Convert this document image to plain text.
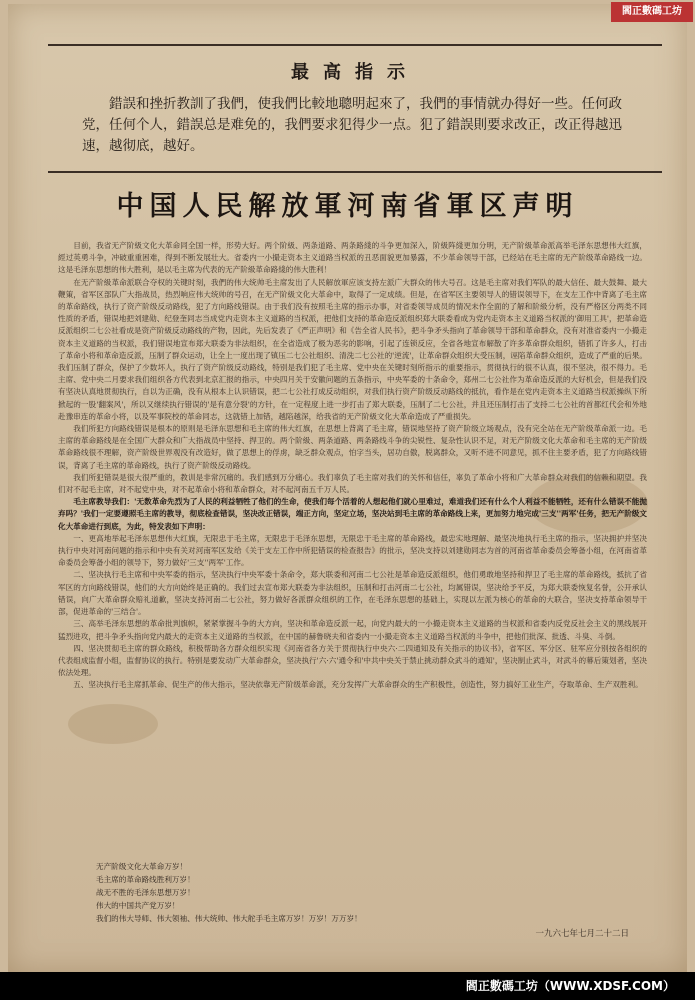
最高指示
錯誤和挫折教訓了我們，使我們比較地聰明起來了，我們的事情就办得好一些。任何政党，任何个人，錯誤总是难免的，我們要求犯得少一点。犯了錯誤則要求改正，改正得越迅速，越彻底，越好。
中国人民解放軍河南省軍区声明

目前，我省无产阶級文化大革命同全国一样，形势大好。两个阶級、两条道路、两条路綫的斗争更加深入，阶級阵綫更加分明，无产阶級革命派高举毛泽东思想伟大红旗，經过英勇斗争，冲破重重困难，得到不断发展壮大。省委内一小撮走资本主义道路当权派的丑恶面貌更加暴露，不少革命领导干部，已经站在毛主席的无产阶级革命路线一边。这是毛泽东思想的伟大胜利，是以毛主席为代表的无产阶級革命路綫的伟大胜利！

在无产阶級革命派联合夺权的关键时刻，我們的伟大统帅毛主席发出了人民解放軍应该支持左派广大群众的伟大号召。这是毛主席对我们军队的最大信任、最大鼓舞、最大鞭策，省军区部队广大指战员，热烈响应伟大统帅的号召，在无产阶級文化大革命中，取得了一定成绩。但是，在省军区主要领导人的错误领导下，在支左工作中背离了毛主席的革命路线，执行了资产阶级反动路线，犯了方向路线错误。由于我们没有按照毛主席的指示办事，对省委领导成员的情况未作全面的了解和阶級分析，没有严格区分两类不同性质的矛盾，错误地把刘建勋、纪登奎同志当成党内走资本主义道路的当权派，把他们支持的革命造反派组织郑大联委看成为党内走资本主义道路当权派的'御用工具'，把革命造反派组织二七公社看成是资产阶級反动路线的产物，因此，先后发表了《严正声明》和《告全省人民书》，把斗争矛头指向了革命领导干部和革命群众，没有对准省委内一小撮走资本主义道路的当权派，我们错误地宣布郑大联委为非法组织，在全省造成了极为恶劣的影响，引起了连锁反应，全省各地宣布解散了许多革命群众组织，错抓了许多人，打击了革命小将和革命造反派，压制了群众运动，让全上一度出现了镇压二七公社组织、清洗二七公社的'逆流'，让革命群众组织大受压制，诬陷革命群众组织，造成了严重的后果。我们压制了群众，保护了少数坏人，执行了资产阶级反动路线，特别是我们犯了毛主席、党中央在关键时刻所指示的重要指示，贯彻执行的很不认真，很不坚决，很不得力。毛主席、党中央二月要求我们组织各方代表到北京汇报的指示，中央四月关于安徽问题的五条指示，中央军委的十条命令，郑州二七公社作为革命造反派的大好机会，但是我们没有坚决认真地贯彻执行，自以为正确，没有从根本上认识错误，把二七公社打成反动组织，对我们执行资产阶级反动路线的抵抗，看作是在党内走资本主义道路当权派操纵下所掀起的一股'翻案风'，所以又继续执行错误的'是有意分裂'的方针，在一定程度上进一步打击了郑大联委，压制了二七公社，并且还压制打击了支持二七公社的首都红代会和外地赴豫串连的革命小将，以及军事院校的革命同志，这就错上加错，越陷越深，给我省的无产阶級文化大革命造成了严重损失。

我们所犯方向路线错误是根本的原则是毛泽东思想和毛主席的伟大红旗，在思想上背离了毛主席，错误地坚持了资产阶级立场观点，没有完全站在无产阶级革命派一边。毛主席的革命路线是在全国广大群众和广大指战员中坚持、捍卫的。两个阶級、两条道路、两条路线斗争的尖锐性、复杂性认识不足，对无产阶级文化大革命和毛主席的无产阶级革命路线很不理解，资产阶级世界观没有改造好，做了思想上的俘虏，缺乏群众观点，怕字当头，居功自傲，脱离群众，又听不进不同意见，抓不住主要矛盾，犯了方向路线错误，背离了毛主席的革命路线，执行了资产阶级反动路线。

我们所犯错误是很大很严重的，教训是非常沉痛的。我们感到万分痛心。我们辜负了毛主席对我们的关怀和信任，辜负了革命小将和广大革命群众对我们的信赖和期望。我们对不起毛主席，对不起党中央，对不起革命小将和革命群众，对不起河南五千万人民。

毛主席教导我们：'无数革命先烈为了人民的利益牺牲了他们的生命，使我们每个活着的人想起他们就心里难过，难道我们还有什么个人利益不能牺牲，还有什么错误不能抛弃吗？'我们一定要遵照毛主席的教导，彻底检查错误，坚决改正错误，端正方向，坚定立场，坚决站到毛主席的革命路线上来，更加努力地完成'三支''两军'任务，把无产阶级文化大革命进行到底，为此，特发表如下声明：

一、更高地举起毛泽东思想伟大红旗，无限忠于毛主席，无限忠于毛泽东思想，无限忠于毛主席的革命路线，最忠实地理解、最坚决地执行毛主席的指示，坚决拥护并坚决执行中央对河南问题的指示和中央有关对河南军区发给《关于支左工作中所犯错误的检查报告》的批示，坚决支持以刘建勋同志为首的河南省革命委员会筹备小组，在河南省革命委员会筹备小组的领导下，努力做好'三支''两军'工作。

二、坚决执行毛主席和中央军委的指示，坚决执行中央军委十条命令，郑大联委和河南二七公社是革命造反派组织，他们勇敢地坚持和捍卫了毛主席的革命路线，抵抗了省军区的方向路线错误，他们的大方向始终是正确的。我们过去宣布郑大联委为非法组织，压制和打击河南二七公社，均属错误，坚决给予平反，为郑大联委恢复名誉，公开承认错误，向广大革命群众赔礼道歉，坚决支持河南二七公社，努力做好各派群众组织的工作，在毛泽东思想的基础上，实现以左派为核心的革命的大联合，坚决支持革命领导干部，促进革命的'三结合'。

三、高举毛泽东思想的革命批判旗帜，紧紧掌握斗争的大方向，坚决和革命造反派一起，向党内最大的一小撮走资本主义道路的当权派和省委内反党反社会主义的黑线展开猛烈进攻，把斗争矛头指向党内最大的走资本主义道路的当权派，在中国的赫鲁晓夫和省委内一小撮走资本主义道路当权派的斗争中，把他们批深、批透、斗臭、斗倒。

四、坚决贯彻毛主席的群众路线，积极帮助各方群众组织实现《河南省各方关于贯彻执行中央六·二四通知及有关指示的协议书》，省军区、军分区、驻军应分别按各组织的代表组成监督小组，监督协议的执行。特别是要发动广大革命群众，坚决执行'六·六'通令和'中共中央关于禁止挑动群众武斗的通知'，坚决制止武斗，对武斗的幕后策划者，坚决依法处理。

五、坚决执行毛主席抓革命、促生产的伟大指示，坚决依靠无产阶级革命派，充分发挥广大革命群众的生产积极性，创造性，努力搞好工业生产，夺取革命、生产双胜利。

无产阶级文化大革命万岁！
毛主席的革命路线胜利万岁！
战无不胜的毛泽东思想万岁！
伟大的中国共产党万岁！
我们的伟大导师、伟大领袖、伟大统帅、伟大舵手毛主席万岁！万岁！万万岁！
一九六七年七月二十二日
閻正數碼工坊
閻正數碼工坊（WWW.XDSF.COM）
